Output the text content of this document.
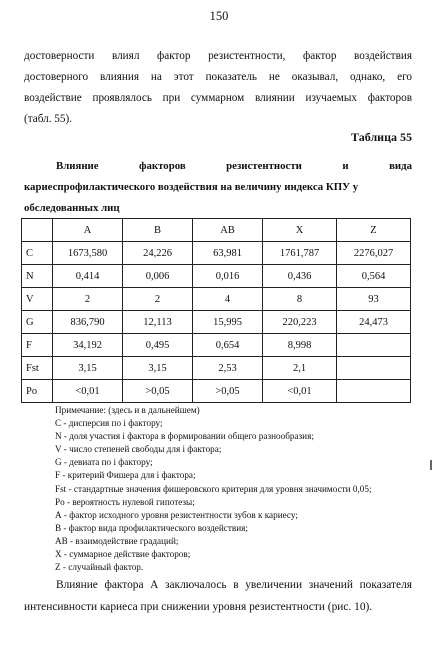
150
достоверности влиял фактор резистентности, фактор воздействия
достоверного влияния на этот показатель не оказывал, однако, его
воздействие проявлялось при суммарном влиянии изучаемых факторов
(табл. 55).
Таблица 55
Влияние	факторов	резистентности	и	вида
кариеспрофилактического воздействия на величину индекса КПУ у
обследованных лиц
	A	B	AB	X	Z
C	1673,580	24,226	63,981	1761,787	2276,027
N	0,414	0,006	0,016	0,436	0,564
V	2	2	4	8	93
G	836,790	12,113	15,995	220,223	24,473
F	34,192	0,495	0,654	8,998	
Fst	3,15	3,15	2,53	2,1	
Po	<0,01	>0,05	>0,05	<0,01	
Примечание: (здесь и в дальнейшем)
С - дисперсия по i фактору;
N - доля участия i фактора в формировании общего разнообразия;
V - число степеней свободы для i фактора;
G - девиата по i фактору;
F - критерий Фишера для i фактора;
Fst - стандартные значения фишеровского критерия для уровня значимости 0,05;
Po - вероятность нулевой гипотезы;
А - фактор исходного уровня резистентности зубов к кариесу;
В - фактор вида профилактического воздействия;
АВ - взаимодействие градаций;
Х - суммарное действие факторов;
Z - случайный фактор.
Влияние фактора А заключалось в увеличении значений показателя
интенсивности кариеса при снижении уровня резистентности (рис. 10).
